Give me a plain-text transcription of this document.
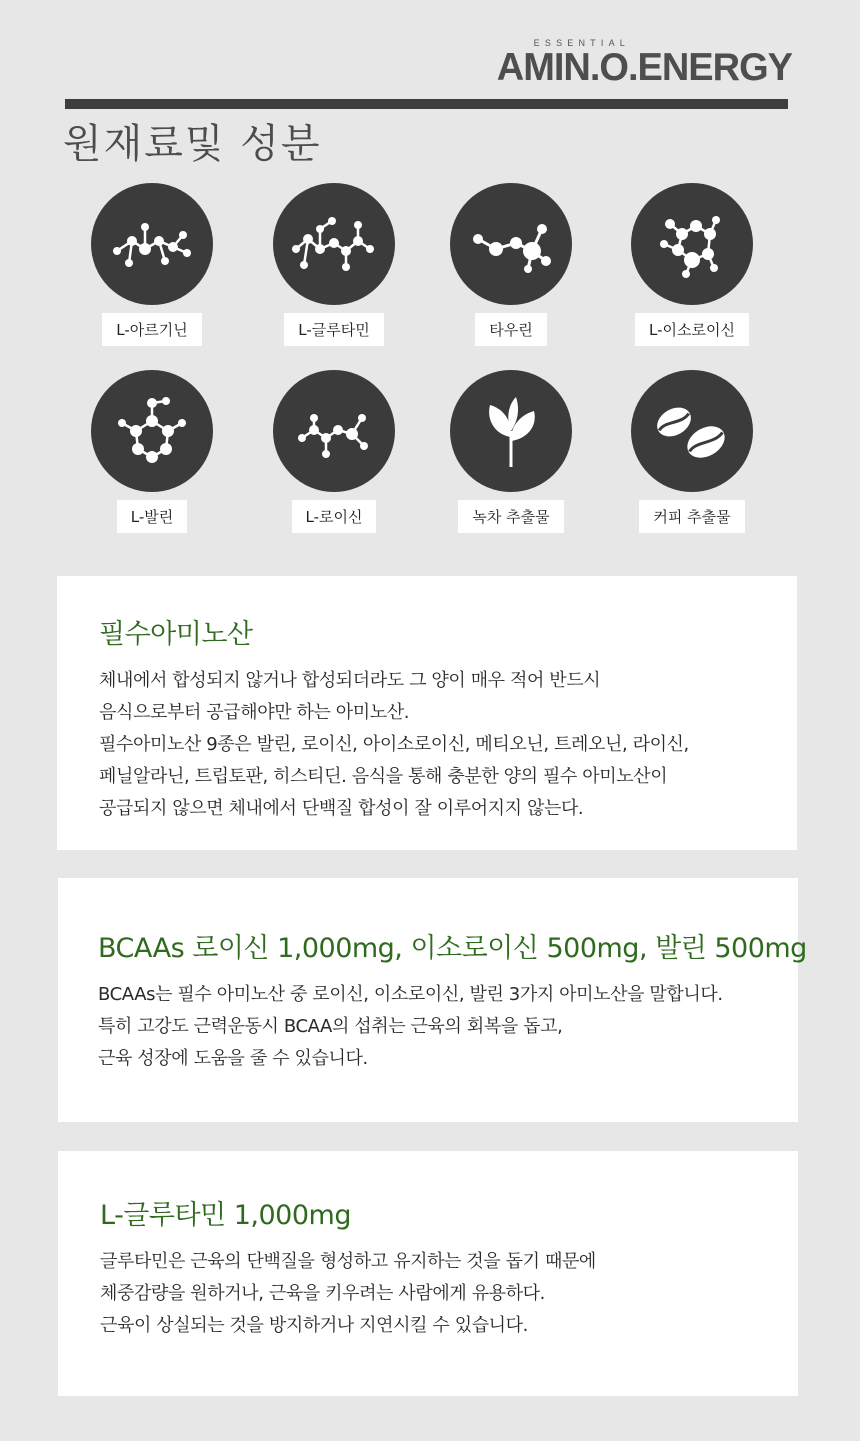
ESSENTIAL
AMIN.O.ENERGY
원재료및 성분
L-아르기닌	L-글루타민	타우린	L-이소로이신
L-발린	L-로이신	녹차 추출물	커피 추출물
필수아미노산

체내에서 합성되지 않거나 합성되더라도 그 양이 매우 적어 반드시

음식으로부터 공급해야만 하는 아미노산.

필수아미노산 9종은 발린, 로이신, 아이소로이신, 메티오닌, 트레오닌, 라이신,

페닐알라닌, 트립토판, 히스티딘. 음식을 통해 충분한 양의 필수 아미노산이

공급되지 않으면 체내에서 단백질 합성이 잘 이루어지지 않는다.

BCAAs 로이신 1,000mg, 이소로이신 500mg, 발린 500mg

BCAAs는 필수 아미노산 중 로이신, 이소로이신, 발린 3가지 아미노산을 말합니다.

특히 고강도 근력운동시 BCAA의 섭취는 근육의 회복을 돕고,

근육 성장에 도움을 줄 수 있습니다.

L-글루타민 1,000mg

글루타민은 근육의 단백질을 형성하고 유지하는 것을 돕기 때문에

체중감량을 원하거나, 근육을 키우려는 사람에게 유용하다.

근육이 상실되는 것을 방지하거나 지연시킬 수 있습니다.
